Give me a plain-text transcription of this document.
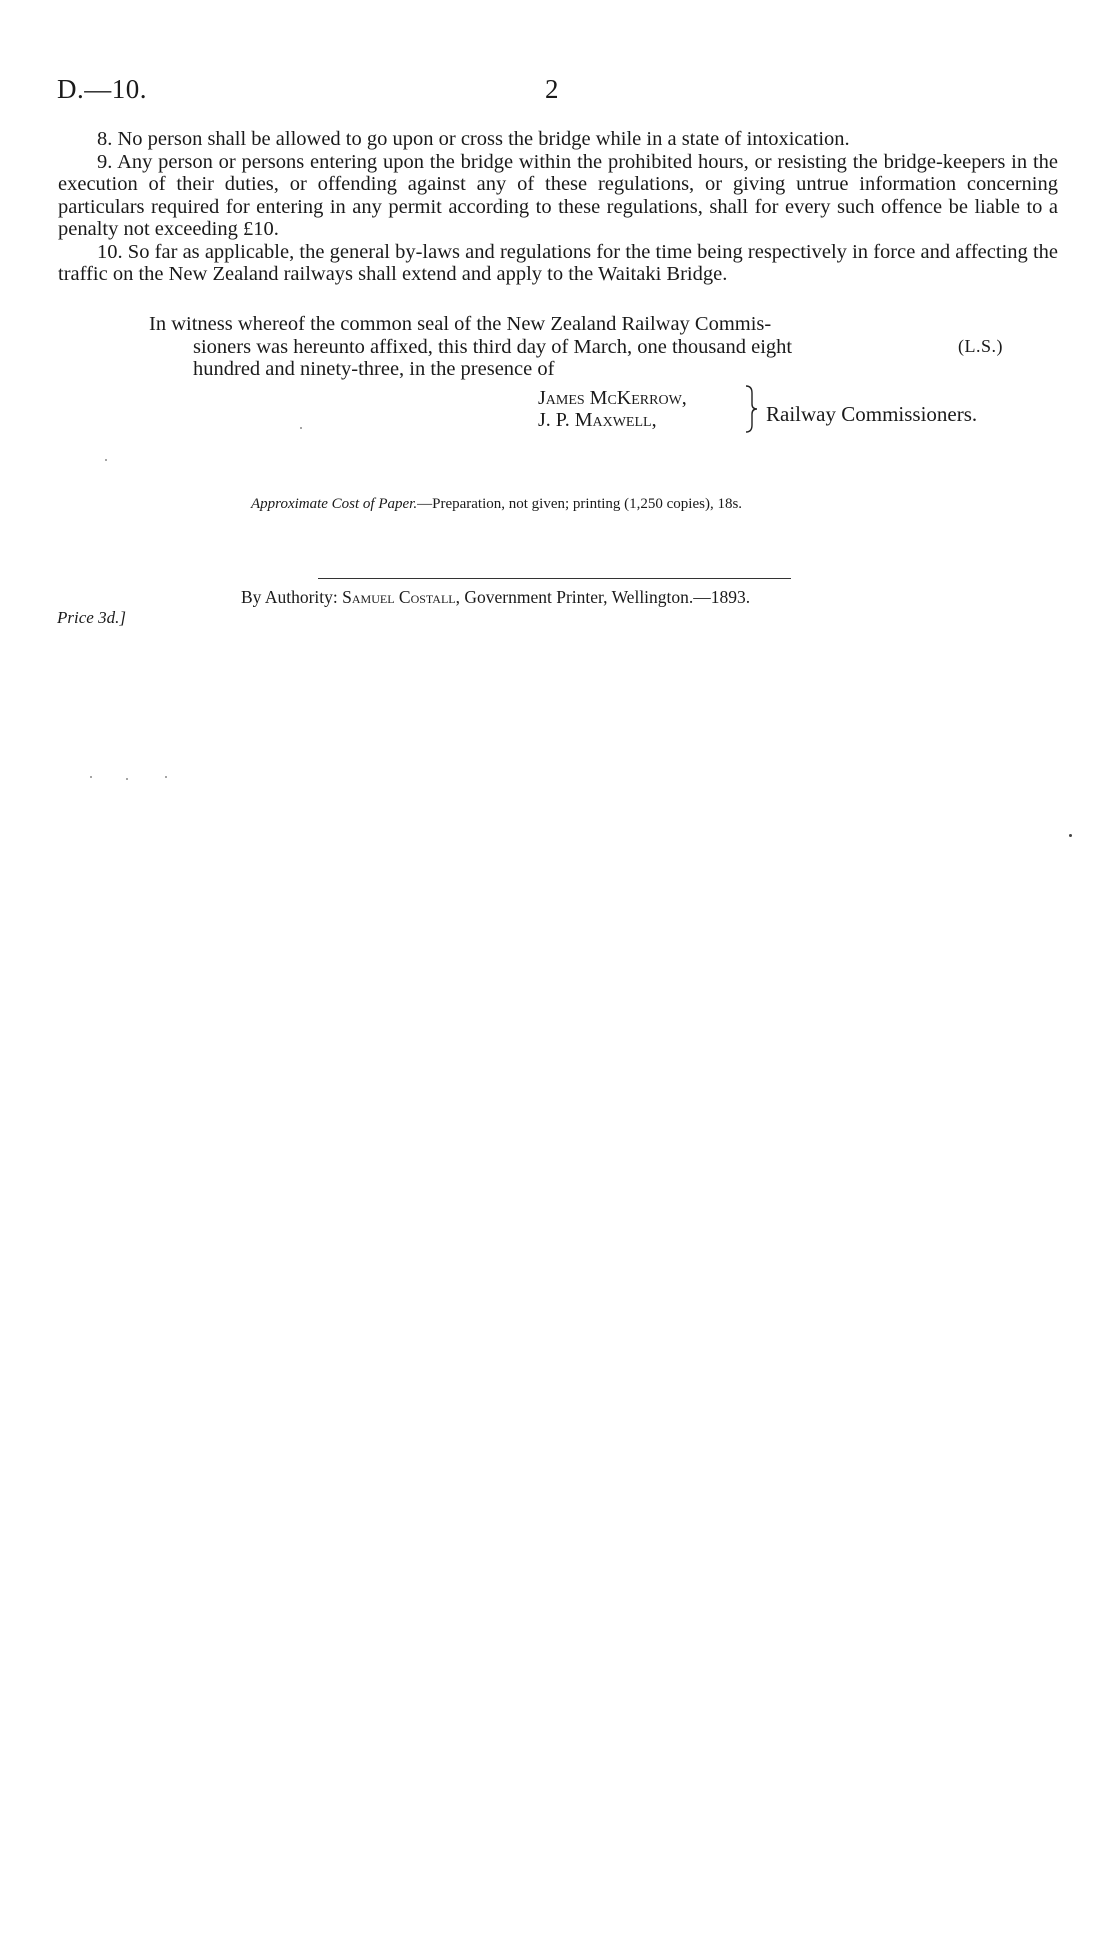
D.—10.	2

8. No person shall be allowed to go upon or cross the bridge while in a state of intoxication.

9. Any person or persons entering upon the bridge within the prohibited hours, or resisting the bridge-keepers in the execution of their duties, or offending against any of these regulations, or giving untrue information concerning particulars required for entering in any permit according to these regulations, shall for every such offence be liable to a penalty not exceeding £10.

10. So far as applicable, the general by-laws and regulations for the time being respectively in force and affecting the traffic on the New Zealand railways shall extend and apply to the Waitaki Bridge.

In witness whereof the common seal of the New Zealand Railway Commis-
sioners was hereunto affixed, this third day of March, one thousand eight
hundred and ninety-three, in the presence of
(L.S.)
James McKerrow,
J. P. Maxwell,	Railway Commissioners.
Approximate Cost of Paper.—Preparation, not given; printing (1,250 copies), 18s.
By Authority: Samuel Costall, Government Printer, Wellington.—1893.
Price 3d.]
